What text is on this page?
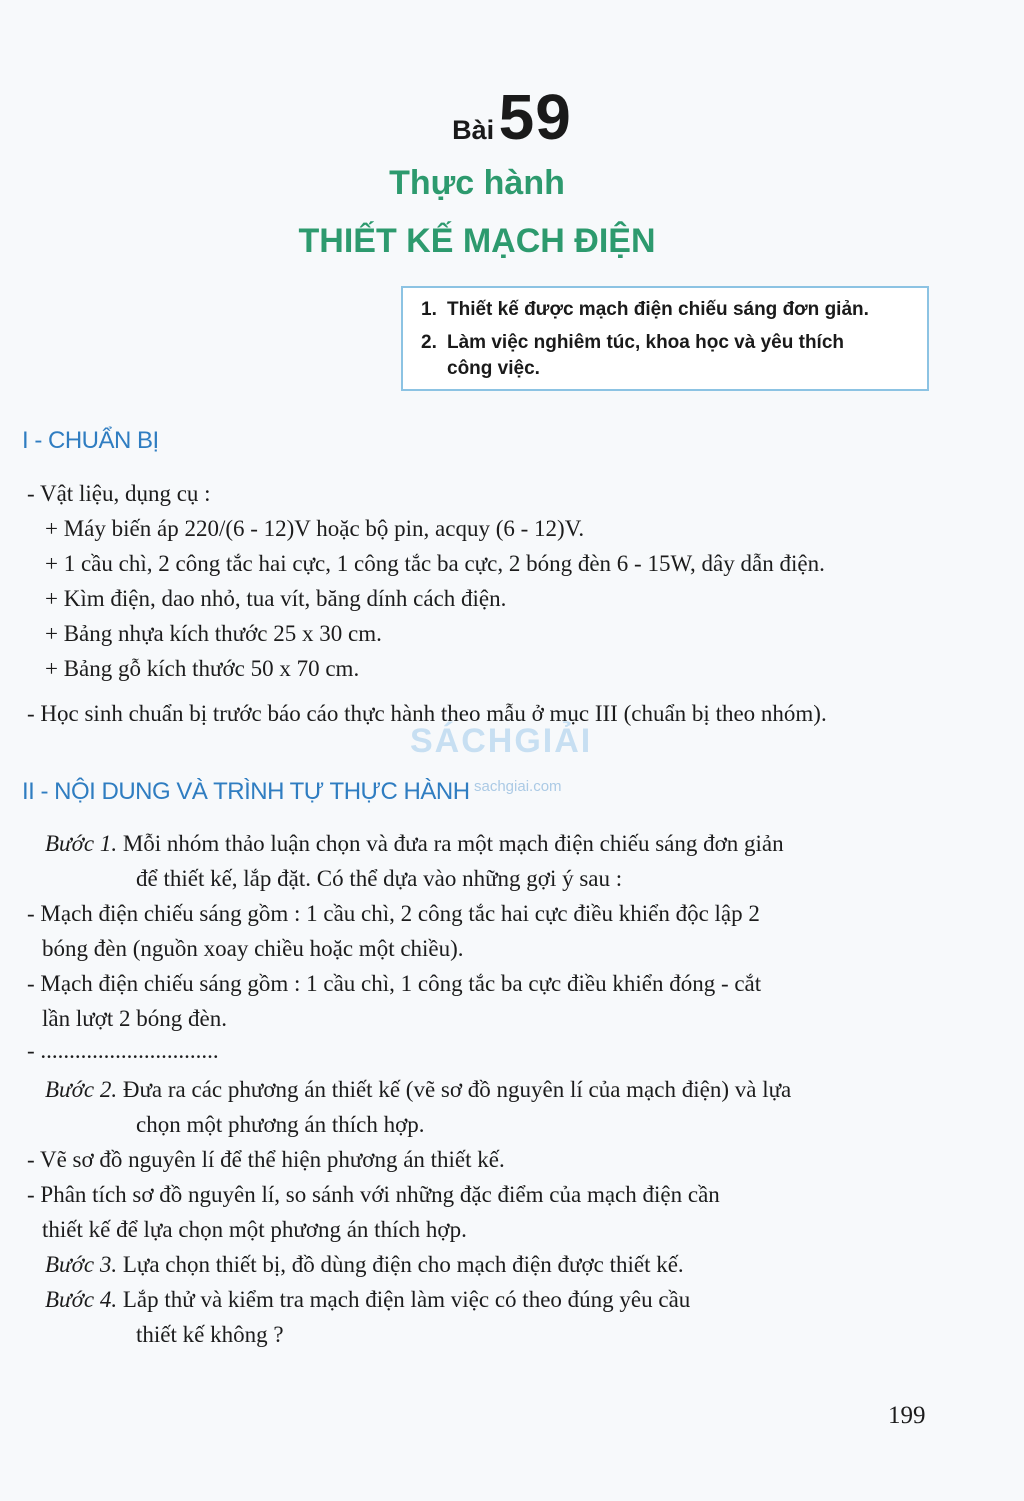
Bài 59
Thực hành
THIẾT KẾ MẠCH ĐIỆN
1. Thiết kế được mạch điện chiếu sáng đơn giản.
2. Làm việc nghiêm túc, khoa học và yêu thích
công việc.
I - CHUẨN BỊ
- Vật liệu, dụng cụ :
+ Máy biến áp 220/(6 - 12)V hoặc bộ pin, acquy (6 - 12)V.
+ 1 cầu chì, 2 công tắc hai cực, 1 công tắc ba cực, 2 bóng đèn 6 - 15W, dây dẫn điện.
+ Kìm điện, dao nhỏ, tua vít, băng dính cách điện.
+ Bảng nhựa kích thước 25 x 30 cm.
+ Bảng gỗ kích thước 50 x 70 cm.
- Học sinh chuẩn bị trước báo cáo thực hành theo mẫu ở mục III (chuẩn bị theo nhóm).
SÁCHGIẢI
sachgiai.com
II - NỘI DUNG VÀ TRÌNH TỰ THỰC HÀNH
Bước 1. Mỗi nhóm thảo luận chọn và đưa ra một mạch điện chiếu sáng đơn giản
để thiết kế, lắp đặt. Có thể dựa vào những gợi ý sau :
- Mạch điện chiếu sáng gồm : 1 cầu chì, 2 công tắc hai cực điều khiển độc lập 2
bóng đèn (nguồn xoay chiều hoặc một chiều).
- Mạch điện chiếu sáng gồm : 1 cầu chì, 1 công tắc ba cực điều khiển đóng - cắt
lần lượt 2 bóng đèn.
- ...............................
Bước 2. Đưa ra các phương án thiết kế (vẽ sơ đồ nguyên lí của mạch điện) và lựa
chọn một phương án thích hợp.
- Vẽ sơ đồ nguyên lí để thể hiện phương án thiết kế.
- Phân tích sơ đồ nguyên lí, so sánh với những đặc điểm của mạch điện cần
thiết kế để lựa chọn một phương án thích hợp.
Bước 3. Lựa chọn thiết bị, đồ dùng điện cho mạch điện được thiết kế.
Bước 4. Lắp thử và kiểm tra mạch điện làm việc có theo đúng yêu cầu
thiết kế không ?
199
